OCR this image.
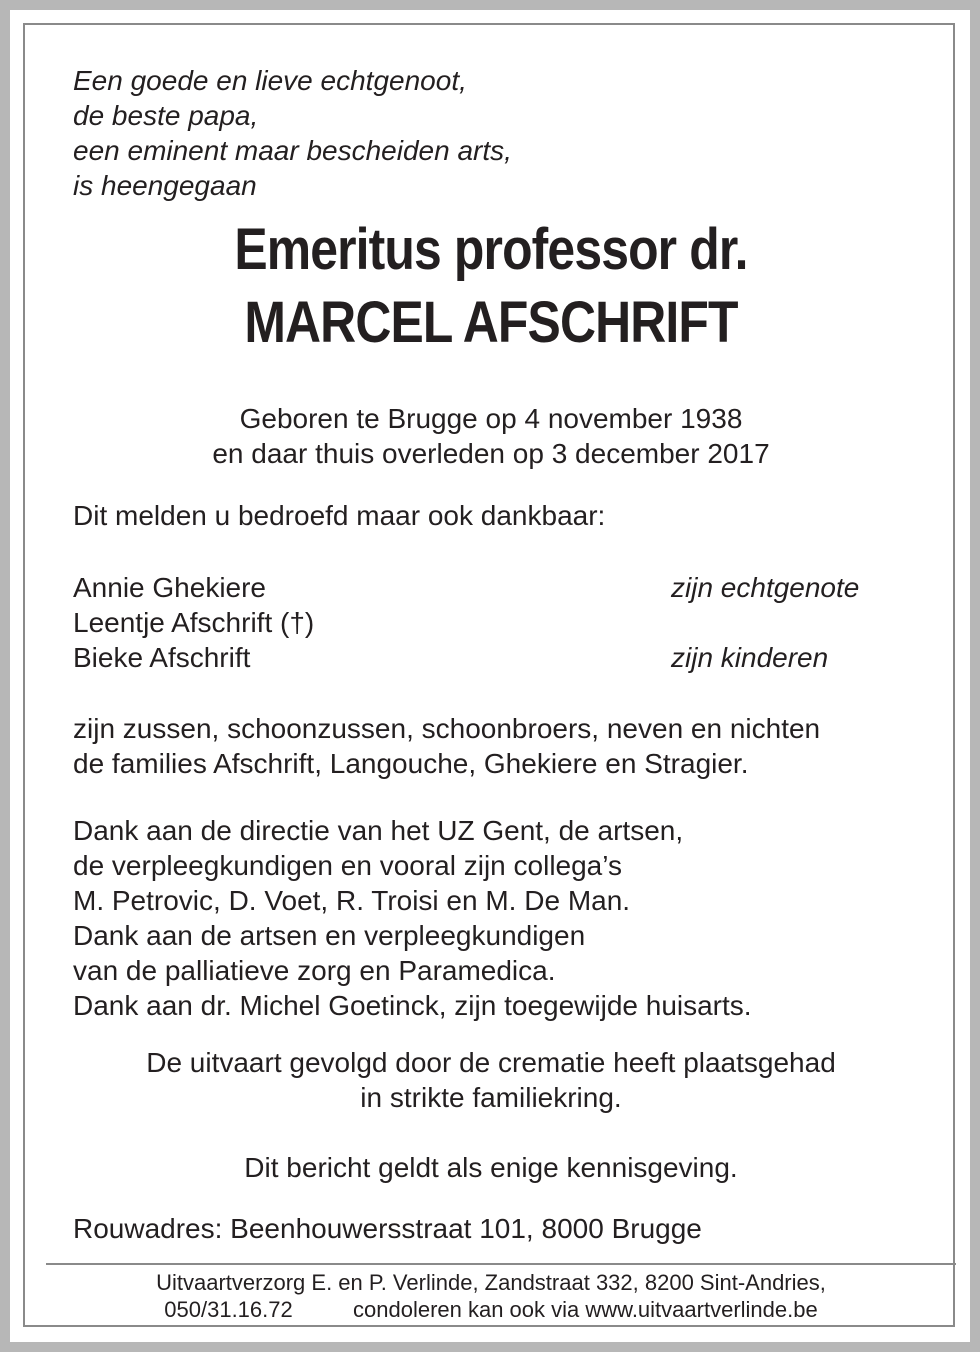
Een goede en lieve echtgenoot,
de beste papa,
een eminent maar bescheiden arts,
is heengegaan
Emeritus professor dr.
MARCEL AFSCHRIFT
Geboren te Brugge op 4 november 1938
en daar thuis overleden op 3 december 2017
Dit melden u bedroefd maar ook dankbaar:
Annie Ghekiere	zijn echtgenote
Leentje Afschrift (†)
Bieke Afschrift	zijn kinderen
zijn zussen, schoonzussen, schoonbroers, neven en nichten
de families Afschrift, Langouche, Ghekiere en Stragier.
Dank aan de directie van het UZ Gent, de artsen,
de verpleegkundigen en vooral zijn collega’s
M. Petrovic, D. Voet, R. Troisi en M. De Man.
Dank aan de artsen en verpleegkundigen
van de palliatieve zorg en Paramedica.
Dank aan dr. Michel Goetinck, zijn toegewijde huisarts.
De uitvaart gevolgd door de crematie heeft plaatsgehad
in strikte familiekring.
Dit bericht geldt als enige kennisgeving.
Rouwadres: Beenhouwersstraat 101, 8000 Brugge
Uitvaartverzorg E. en P. Verlinde, Zandstraat 332, 8200 Sint-Andries,
050/31.16.72	condoleren kan ook via www.uitvaartverlinde.be
